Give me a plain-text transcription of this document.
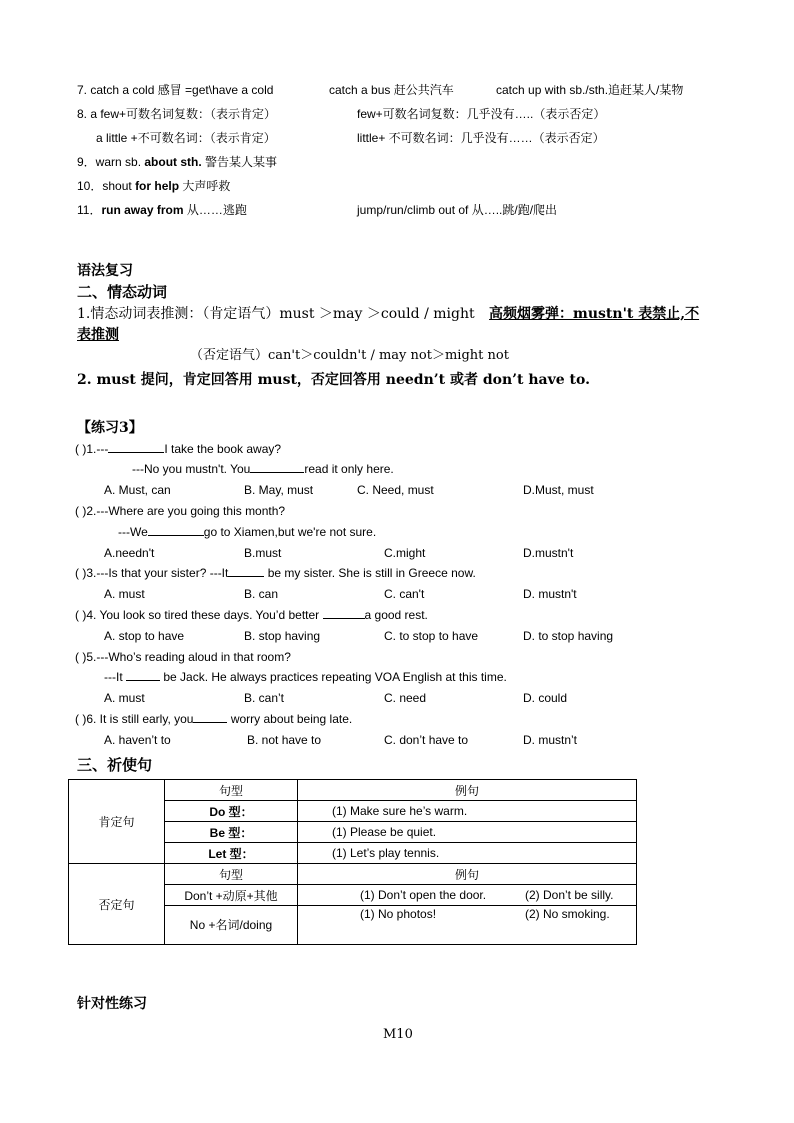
7. catch a cold 感冒 =get\have a cold	catch a bus 赶公共汽车	catch up with sb./sth.追赶某人/某物
8. a few+可数名词复数：（表示肯定）	few+可数名词复数：几乎没有…..（表示否定）
a little +不可数名词：（表示肯定）	little+ 不可数名词：几乎没有……（表示否定）
9．warn sb. about sth. 警告某人某事
10．shout for help 大声呼救
11．run away from 从……逃跑	jump/run/climb out of 从…..跳/跑/爬出
语法复习
二、情态动词
1.情态动词表推测：（肯定语气）must ＞may ＞could / might 高频烟雾弹：mustn't 表禁止,不
表推测
（否定语气）can't＞couldn't / may not＞might not
2. must 提问，肯定回答用 must，否定回答用 needn’t 或者 don’t have to.
【练习3】
( )1.---	I take the book away?
---No you mustn't. You	read it only here.
A. Must, can	B. May, must	C. Need, must	D.Must, must
( )2.---Where are you going this month?
---We	go to Xiamen,but we're not sure.
A.needn't	B.must	C.might	D.mustn't
( )3.---Is that your sister? ---It	be my sister. She is still in Greece now.
A. must	B. can	C. can't	D. mustn't
( )4. You look so tired these days. You’d better	a good rest.
A. stop to have	B. stop having	C. to stop to have	D. to stop having
( )5.---Who’s reading aloud in that room?
---It	be Jack. He always practices repeating VOA English at this time.
A. must	B. can’t	C. need	D. could
( )6. It is still early, you	worry about being late.
A. haven’t to	B. not have to	C. don’t have to	D. mustn’t
三、祈使句
肯定句	句型	例句
	Do 型：	(1) Make sure he’s warm.
	Be 型：	(1) Please be quiet.
	Let 型：	(1) Let’s play tennis.
否定句	句型	例句
	Don’t +动原+其他	(1) Don’t open the door. (2) Don’t be silly.
	No +名词/doing	(1) No photos! (2) No smoking.
针对性练习
M10
